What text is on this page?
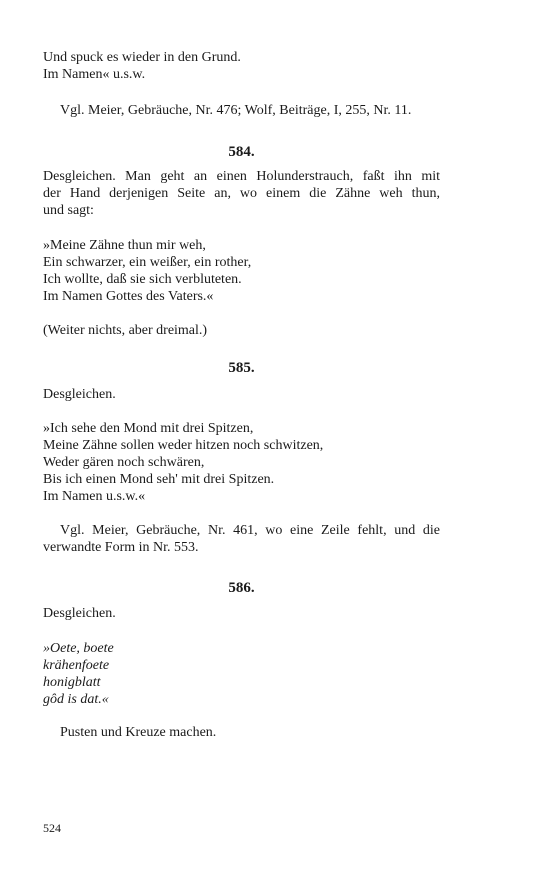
Und spuck es wieder in den Grund.
Im Namen« u.s.w.
Vgl. Meier, Gebräuche, Nr. 476; Wolf, Beiträge, I, 255, Nr. 11.
584.
Desgleichen. Man geht an einen Holunderstrauch, faßt ihn mit
der Hand derjenigen Seite an, wo einem die Zähne weh thun,
und sagt:
»Meine Zähne thun mir weh,
Ein schwarzer, ein weißer, ein rother,
Ich wollte, daß sie sich verbluteten.
Im Namen Gottes des Vaters.«
(Weiter nichts, aber dreimal.)
585.
Desgleichen.
»Ich sehe den Mond mit drei Spitzen,
Meine Zähne sollen weder hitzen noch schwitzen,
Weder gären noch schwären,
Bis ich einen Mond seh' mit drei Spitzen.
Im Namen u.s.w.«
Vgl. Meier, Gebräuche, Nr. 461, wo eine Zeile fehlt, und die
verwandte Form in Nr. 553.
586.
Desgleichen.
»Oete, boete
krähenfoete
honigblatt
gôd is dat.«
Pusten und Kreuze machen.
524
